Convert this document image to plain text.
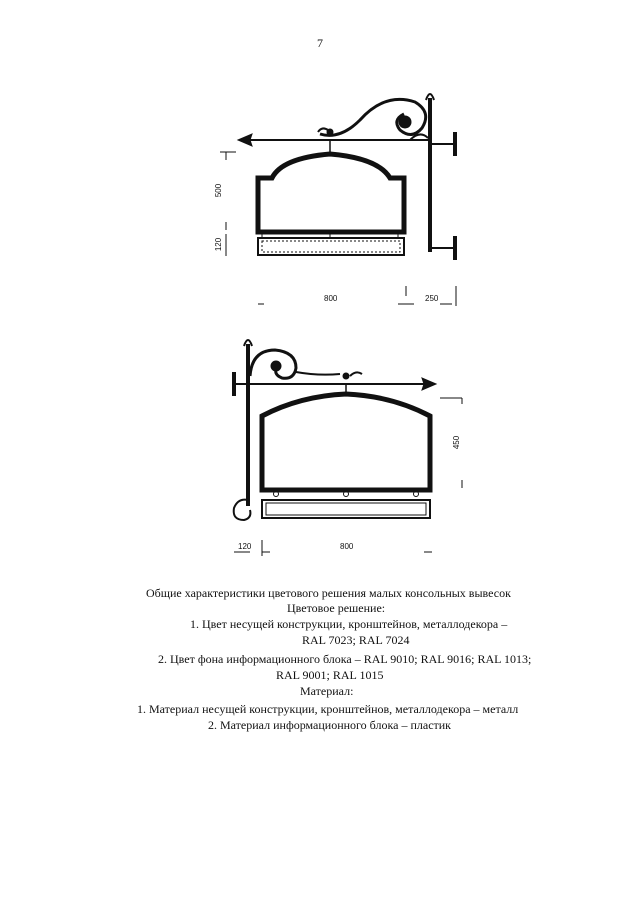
7
500
120
800	250
450
120	800
Общие характеристики цветового решения малых консольных вывесок
Цветовое решение:
1. Цвет несущей конструкции, кронштейнов, металлодекора –
RAL 7023; RAL 7024
2. Цвет фона информационного блока – RAL 9010; RAL 9016; RAL 1013;
RAL 9001; RAL 1015
Материал:
1. Материал несущей конструкции, кронштейнов, металлодекора – металл
2. Материал информационного блока – пластик
